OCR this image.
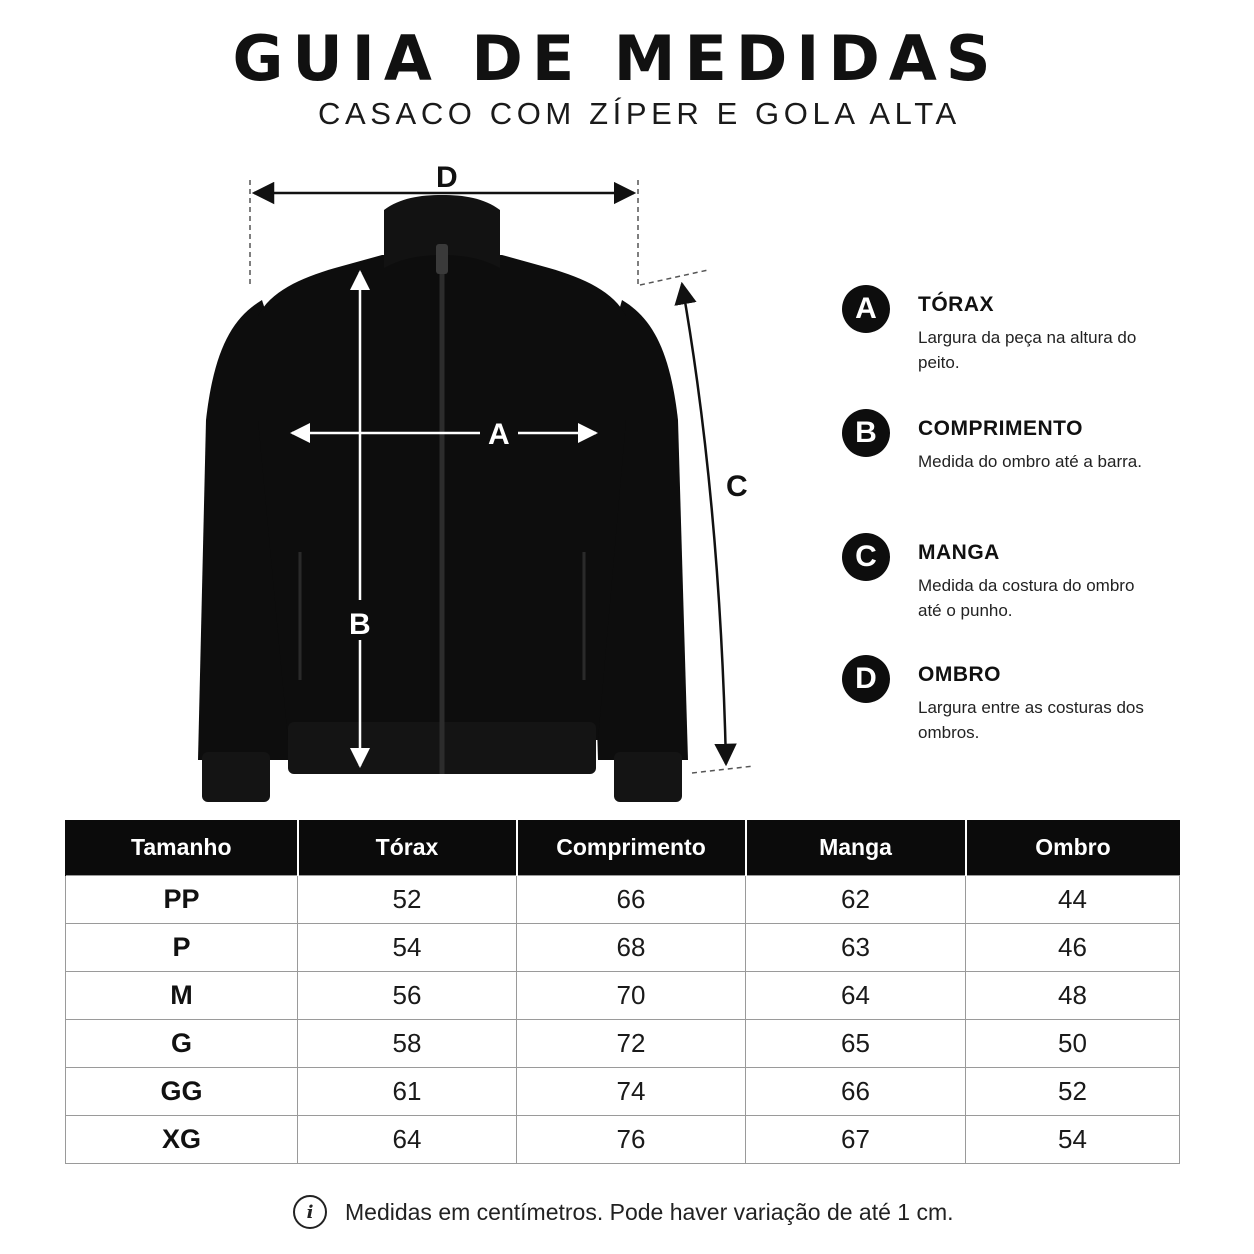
GUIA DE MEDIDAS
CASACO COM ZÍPER E GOLA ALTA
D
A
B
C
A	TÓRAX
Largura da peça na altura do peito.
B	COMPRIMENTO
Medida do ombro até a barra.
C	MANGA
Medida da costura do ombro até o punho.
D	OMBRO
Largura entre as costuras dos ombros.
Tamanho	Tórax	Comprimento	Manga	Ombro
PP	52	66	62	44
P	54	68	63	46
M	56	70	64	48
G	58	72	65	50
GG	61	74	66	52
XG	64	76	67	54
i	Medidas em centímetros. Pode haver variação de até 1 cm.
